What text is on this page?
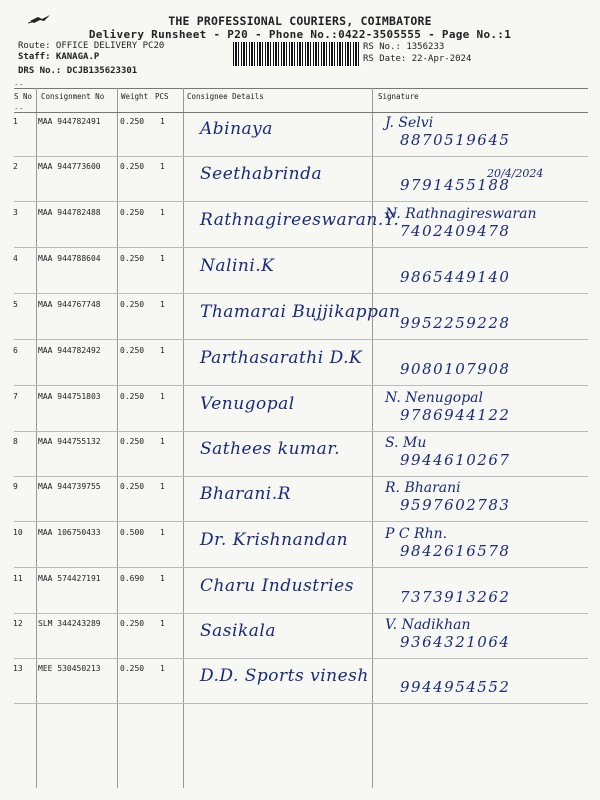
THE PROFESSIONAL COURIERS, COIMBATORE
Delivery Runsheet - P20 - Phone No.:0422-3505555 - Page No.:1
Route: OFFICE DELIVERY PC20
Staff: KANAGA.P
DRS No.: DCJB135623301
RS No.: 1356233
RS Date: 22-Apr-2024
--
S No Consignment No Weight PCS Consignee Details	Signature
--
1	MAA 944782491 0.250 1 Abinaya	J. Selvi
8870519645
2	MAA 944773600 0.250 1 Seethabrinda
9791455188
20/4/2024
3	MAA 944782488 0.250 1 Rathnagireeswaran.Y.
N. Rathnagireswaran
7402409478
4	MAA 944788604 0.250 1 Nalini.K
9865449140
5	MAA 944767748 0.250 1 Thamarai Bujjikappan
9952259228
6	MAA 944782492 0.250 1 Parthasarathi D.K
9080107908
7	MAA 944751803 0.250 1 Venugopal	N. Nenugopal
9786944122
8	MAA 944755132 0.250 1 Sathees kumar.	S. Mu
9944610267
9	MAA 944739755 0.250 1 Bharani.R	R. Bharani
9597602783
10 MAA 106750433 0.500 1 Dr. Krishnandan	P C Rhn.
9842616578
11 MAA 574427191 0.690 1 Charu Industries
7373913262
12 SLM 344243289 0.250 1 Sasikala	V. Nadikhan
9364321064
13 MEE 530450213 0.250 1 D.D. Sports vinesh
9944954552
